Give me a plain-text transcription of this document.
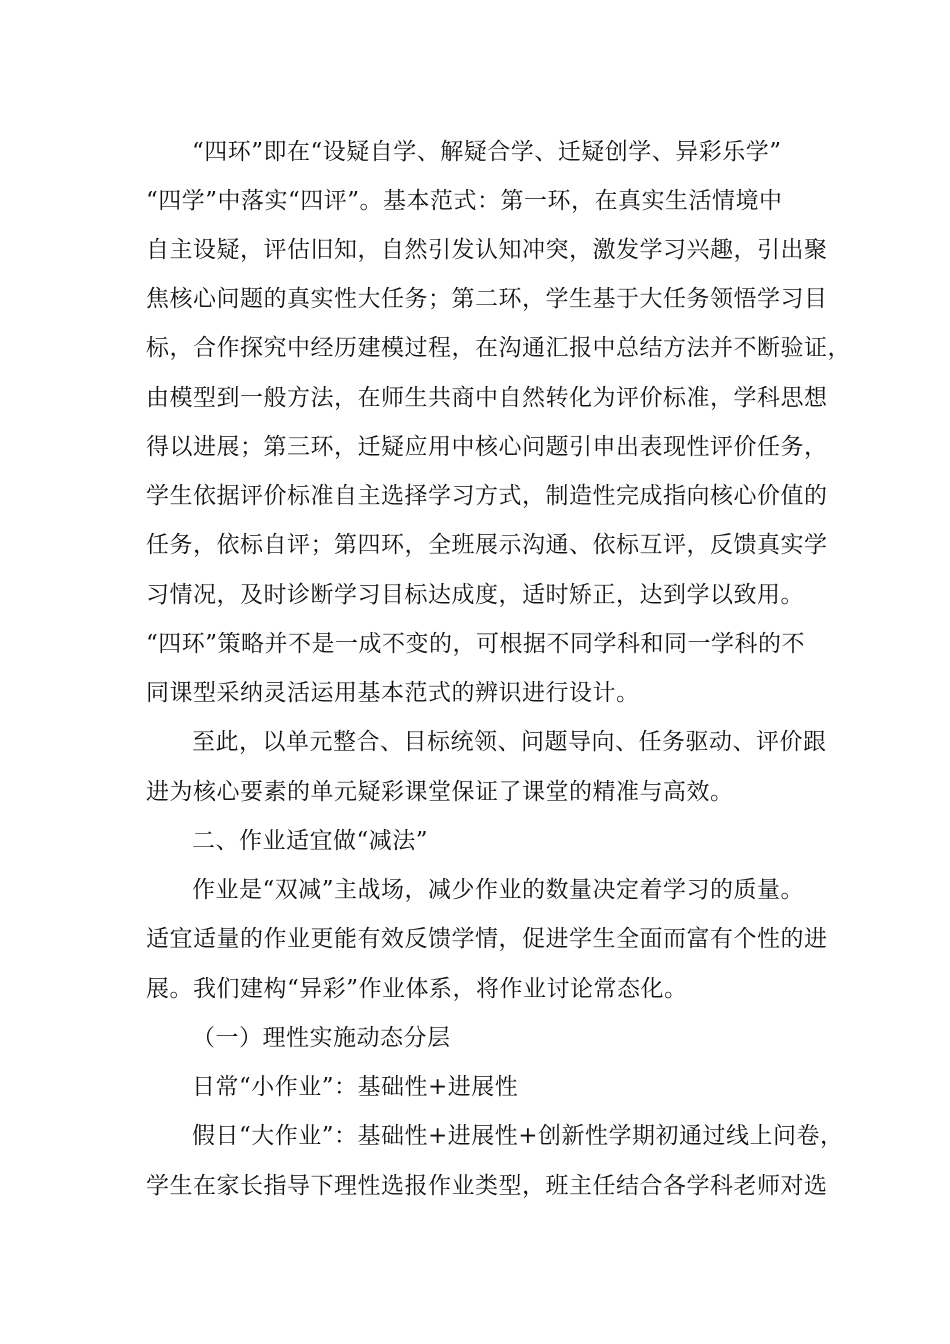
“四环”即在“设疑自学、解疑合学、迁疑创学、异彩乐学”
“四学”中落实“四评”。基本范式：第一环，在真实生活情境中
自主设疑，评估旧知，自然引发认知冲突，激发学习兴趣，引出聚
焦核心问题的真实性大任务；第二环，学生基于大任务领悟学习目
标，合作探究中经历建模过程，在沟通汇报中总结方法并不断验证，
由模型到一般方法，在师生共商中自然转化为评价标准，学科思想
得以进展；第三环，迁疑应用中核心问题引申出表现性评价任务，
学生依据评价标准自主选择学习方式，制造性完成指向核心价值的
任务，依标自评；第四环，全班展示沟通、依标互评，反馈真实学
习情况，及时诊断学习目标达成度，适时矫正，达到学以致用。
“四环”策略并不是一成不变的，可根据不同学科和同一学科的不
同课型采纳灵活运用基本范式的辨识进行设计。
至此，以单元整合、目标统领、问题导向、任务驱动、评价跟
进为核心要素的单元疑彩课堂保证了课堂的精准与高效。
二、作业适宜做“减法”
作业是“双减”主战场，减少作业的数量决定着学习的质量。
适宜适量的作业更能有效反馈学情，促进学生全面而富有个性的进
展。我们建构“异彩”作业体系，将作业讨论常态化。
（一）理性实施动态分层
日常“小作业”：基础性+进展性
假日“大作业”：基础性+进展性+创新性学期初通过线上问卷，
学生在家长指导下理性选报作业类型，班主任结合各学科老师对选
